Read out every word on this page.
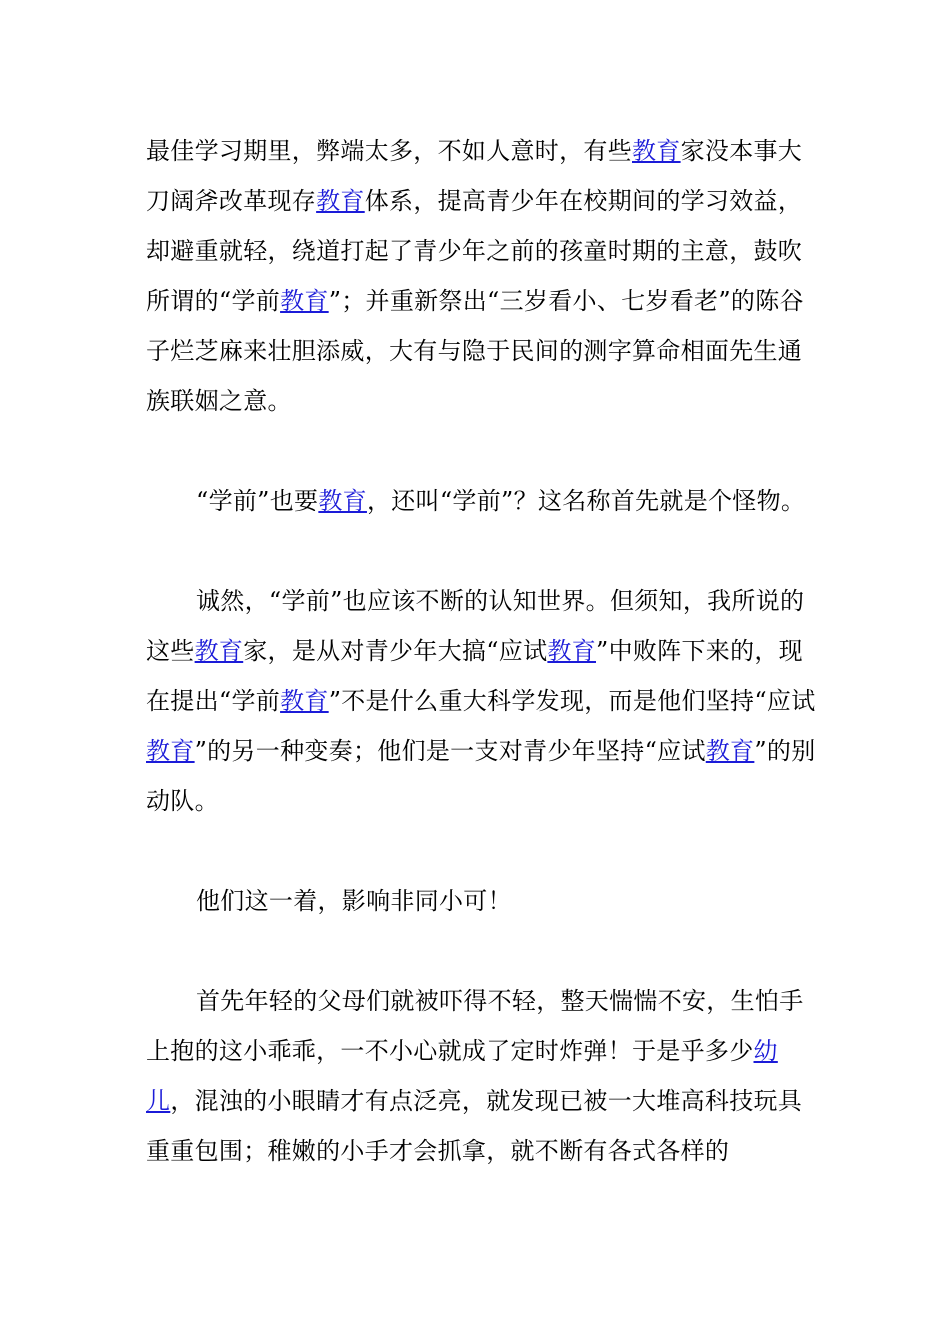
最佳学习期里，弊端太多，不如人意时，有些教育家没本事大刀阔斧改革现存教育体系，提高青少年在校期间的学习效益，却避重就轻，绕道打起了青少年之前的孩童时期的主意，鼓吹所谓的“学前教育”；并重新祭出“三岁看小、七岁看老”的陈谷子烂芝麻来壮胆添威，大有与隐于民间的测字算命相面先生通族联姻之意。

“学前”也要教育，还叫“学前”？这名称首先就是个怪物。

诚然，“学前”也应该不断的认知世界。但须知，我所说的这些教育家，是从对青少年大搞“应试教育”中败阵下来的，现在提出“学前教育”不是什么重大科学发现，而是他们坚持“应试教育”的另一种变奏；他们是一支对青少年坚持“应试教育”的别动队。

他们这一着，影响非同小可！

首先年轻的父母们就被吓得不轻，整天惴惴不安，生怕手上抱的这小乖乖，一不小心就成了定时炸弹！于是乎多少幼儿，混浊的小眼睛才有点泛亮，就发现已被一大堆高科技玩具重重包围；稚嫩的小手才会抓拿，就不断有各式各样的
